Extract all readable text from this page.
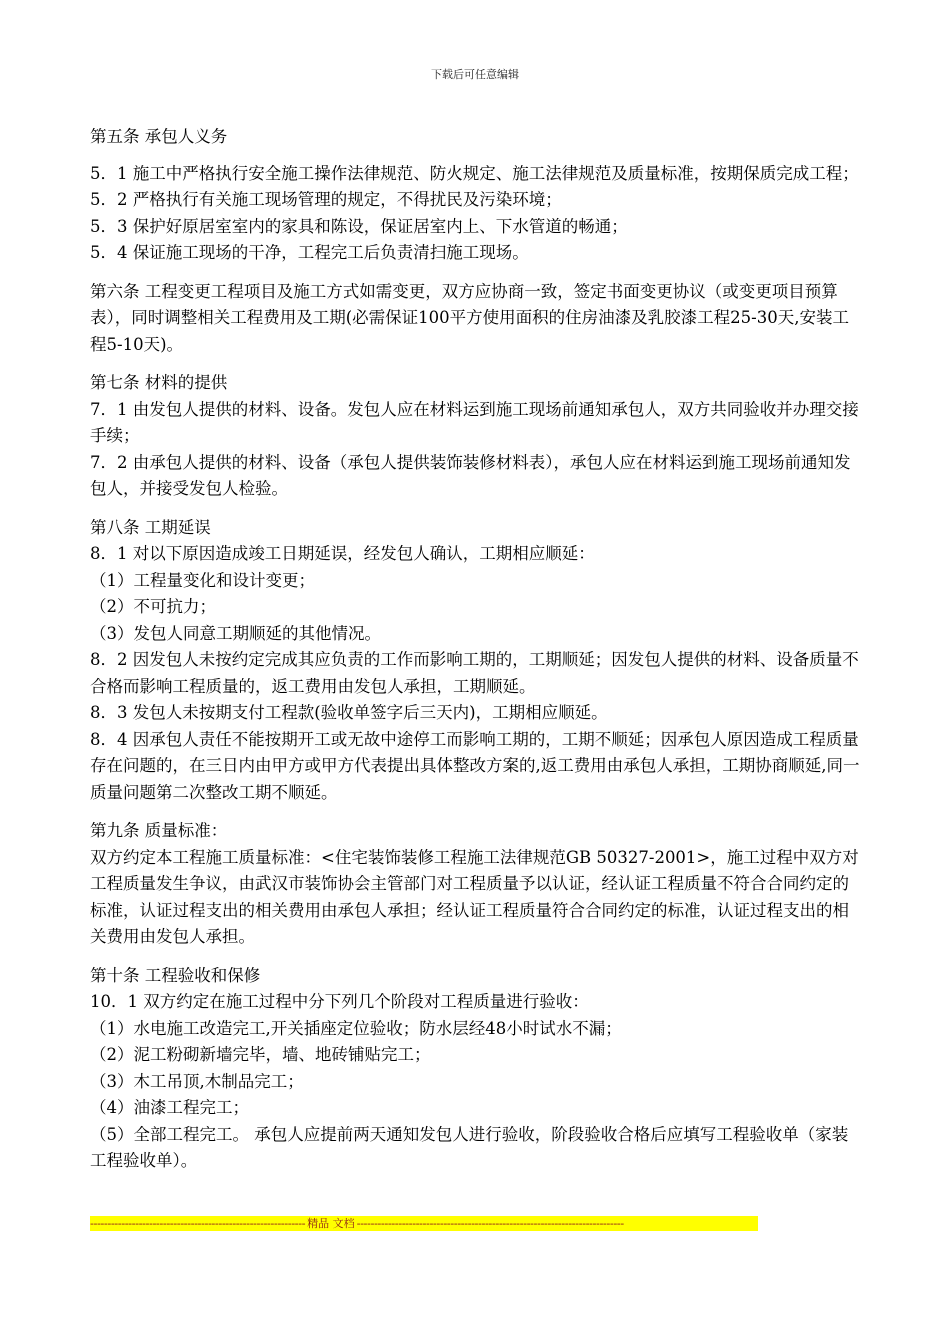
下载后可任意编辑

第五条 承包人义务

5．1 施工中严格执行安全施工操作法律规范、防火规定、施工法律规范及质量标准，按期保质完成工程；

5．2 严格执行有关施工现场管理的规定，不得扰民及污染环境；

5．3 保护好原居室室内的家具和陈设，保证居室内上、下水管道的畅通；

5．4 保证施工现场的干净，工程完工后负责清扫施工现场。

第六条 工程变更工程项目及施工方式如需变更，双方应协商一致，签定书面变更协议（或变更项目预算表），同时调整相关工程费用及工期(必需保证100平方使用面积的住房油漆及乳胶漆工程25-30天,安装工程5-10天)。

第七条 材料的提供

7．1 由发包人提供的材料、设备。发包人应在材料运到施工现场前通知承包人，双方共同验收并办理交接手续；

7．2 由承包人提供的材料、设备（承包人提供装饰装修材料表），承包人应在材料运到施工现场前通知发包人，并接受发包人检验。

第八条 工期延误

8．1 对以下原因造成竣工日期延误，经发包人确认，工期相应顺延：

（1）工程量变化和设计变更；

（2）不可抗力；

（3）发包人同意工期顺延的其他情况。

8．2 因发包人未按约定完成其应负责的工作而影响工期的，工期顺延；因发包人提供的材料、设备质量不合格而影响工程质量的，返工费用由发包人承担，工期顺延。

8．3 发包人未按期支付工程款(验收单签字后三天内)，工期相应顺延。

8．4 因承包人责任不能按期开工或无故中途停工而影响工期的，工期不顺延；因承包人原因造成工程质量存在问题的，在三日内由甲方或甲方代表提出具体整改方案的,返工费用由承包人承担，工期协商顺延,同一质量问题第二次整改工期不顺延。

第九条 质量标准：

双方约定本工程施工质量标准：<住宅装饰装修工程施工法律规范GB 50327-2001>，施工过程中双方对工程质量发生争议，由武汉市装饰协会主管部门对工程质量予以认证，经认证工程质量不符合合同约定的标准，认证过程支出的相关费用由承包人承担；经认证工程质量符合合同约定的标准，认证过程支出的相关费用由发包人承担。

第十条 工程验收和保修

10．1 双方约定在施工过程中分下列几个阶段对工程质量进行验收：

（1）水电施工改造完工,开关插座定位验收；防水层经48小时试水不漏；

（2）泥工粉砌新墙完毕，墙、地砖铺贴完工；

（3）木工吊顶,木制品完工；

（4）油漆工程完工；

（5）全部工程完工。 承包人应提前两天通知发包人进行验收，阶段验收合格后应填写工程验收单（家装工程验收单）。

-------------------------------------------------------------- 精品 文档 -----------------------------------------------------------------------------
